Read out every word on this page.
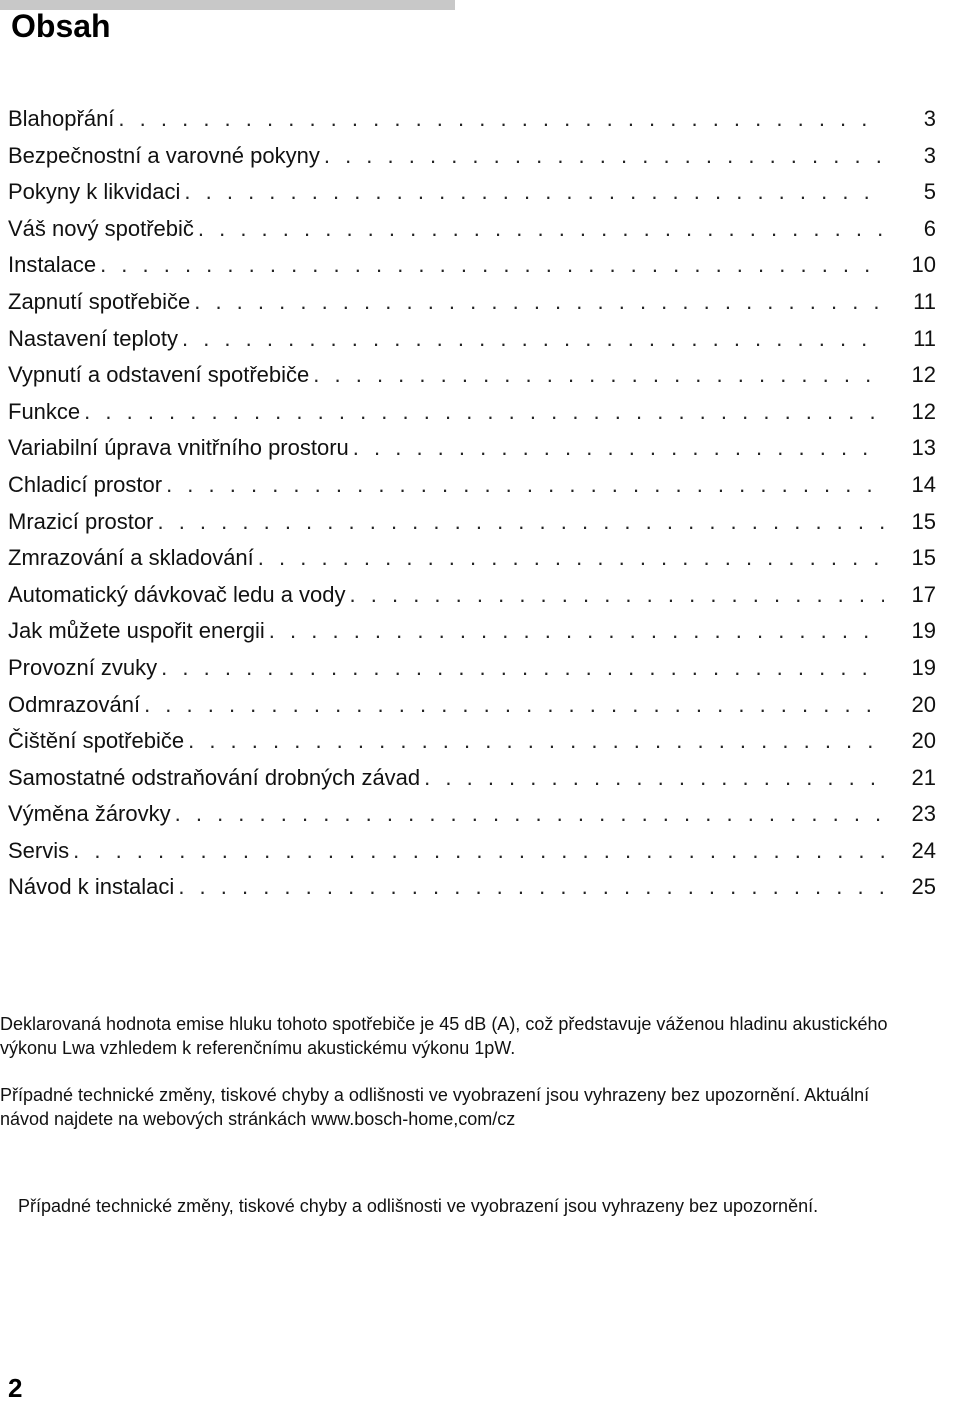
Obsah
Blahopřání . . .	3
Bezpečnostní a varovné pokyny . . .	3
Pokyny k likvidaci . . .	5
Váš nový spotřebič . . .	6
Instalace . . .	10
Zapnutí spotřebiče . . .	11
Nastavení teploty . . .	11
Vypnutí a odstavení spotřebiče . . .	12
Funkce . . .	12
Variabilní úprava vnitřního prostoru . . .	13
Chladicí prostor . . .	14
Mrazicí prostor . . .	15
Zmrazování a skladování . . .	15
Automatický dávkovač ledu a vody . . .	17
Jak můžete uspořit energii . . .	19
Provozní zvuky . . .	19
Odmrazování . . .	20
Čištění spotřebiče . . .	20
Samostatné odstraňování drobných závad . . .	21
Výměna žárovky . . .	23
Servis . . .	24
Návod k instalaci . . .	25
Deklarovaná hodnota emise hluku tohoto spotřebiče je 45 dB (A), což představuje váženou hladinu akustického výkonu Lwa vzhledem k referenčnímu akustickému výkonu 1pW.
Případné technické změny, tiskové chyby a odlišnosti ve vyobrazení jsou vyhrazeny bez upozornění. Aktuální návod najdete na webových stránkách www.bosch-home,com/cz
Případné technické změny, tiskové chyby a odlišnosti ve vyobrazení jsou vyhrazeny bez upozornění.
2
